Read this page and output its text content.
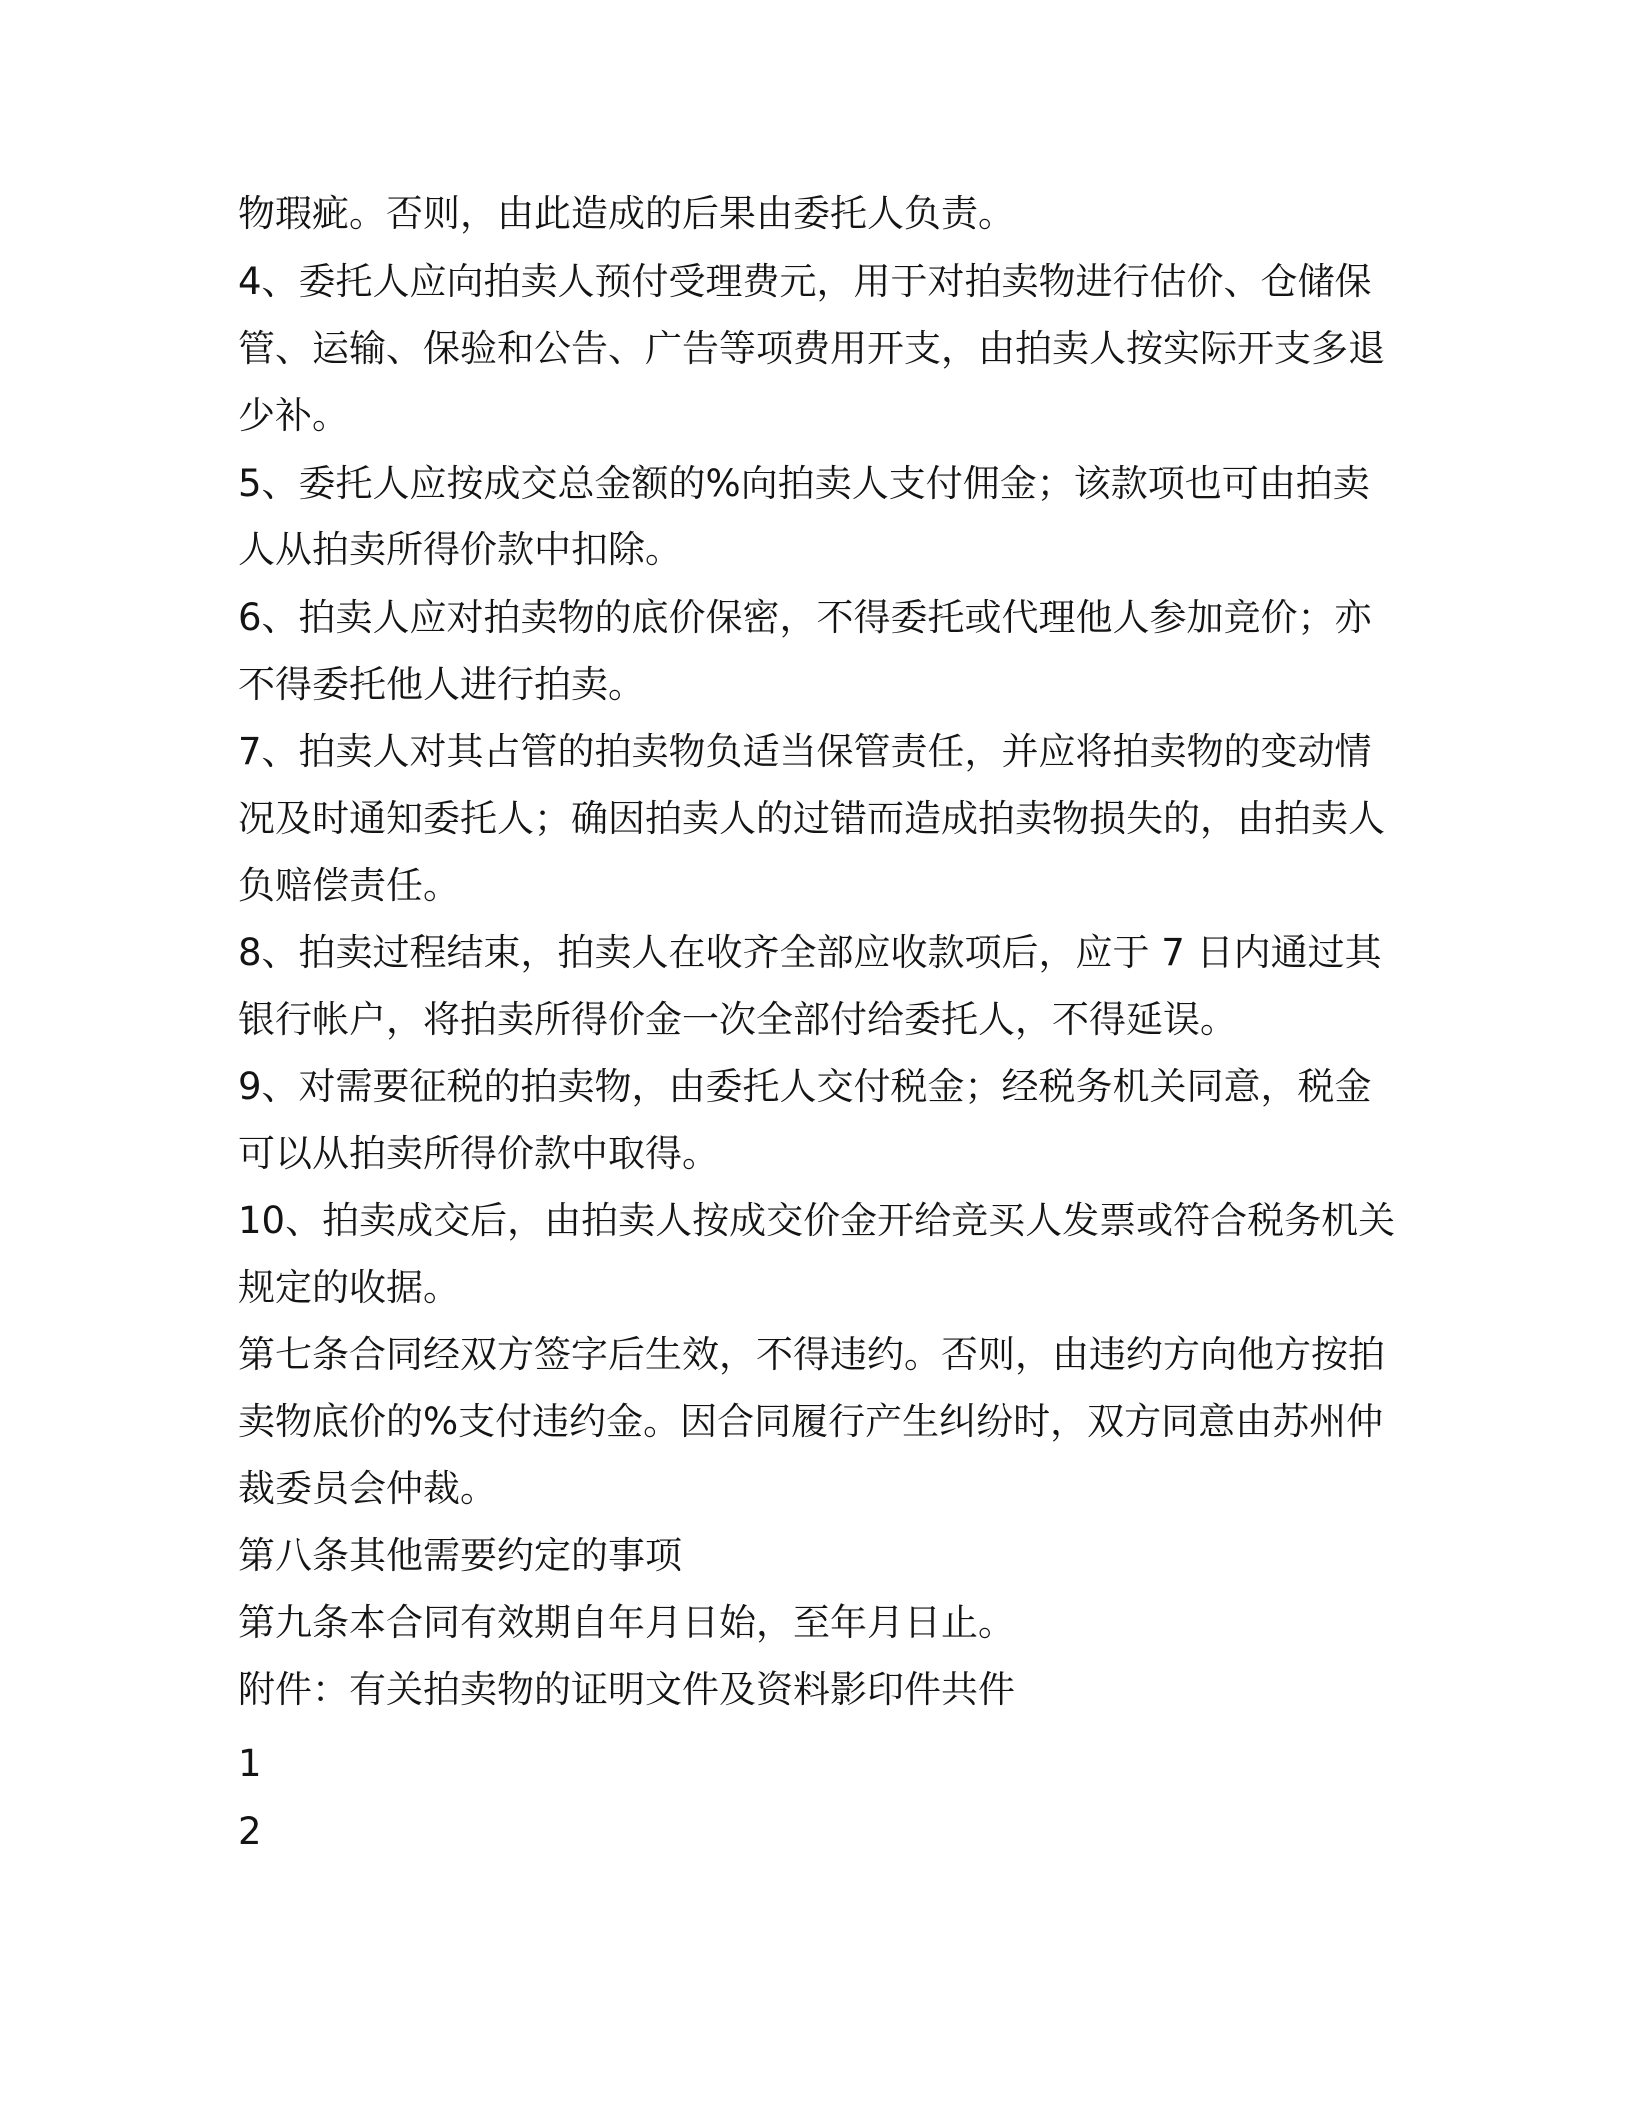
物瑕疵。否则，由此造成的后果由委托人负责。

4、委托人应向拍卖人预付受理费元，用于对拍卖物进行估价、仓储保

管、运输、保验和公告、广告等项费用开支，由拍卖人按实际开支多退

少补。

5、委托人应按成交总金额的%向拍卖人支付佣金；该款项也可由拍卖

人从拍卖所得价款中扣除。

6、拍卖人应对拍卖物的底价保密，不得委托或代理他人参加竞价；亦

不得委托他人进行拍卖。

7、拍卖人对其占管的拍卖物负适当保管责任，并应将拍卖物的变动情

况及时通知委托人；确因拍卖人的过错而造成拍卖物损失的，由拍卖人

负赔偿责任。

8、拍卖过程结束，拍卖人在收齐全部应收款项后，应于 7 日内通过其

银行帐户，将拍卖所得价金一次全部付给委托人，不得延误。

9、对需要征税的拍卖物，由委托人交付税金；经税务机关同意，税金

可以从拍卖所得价款中取得。

10、拍卖成交后，由拍卖人按成交价金开给竞买人发票或符合税务机关

规定的收据。

第七条合同经双方签字后生效，不得违约。否则，由违约方向他方按拍

卖物底价的%支付违约金。因合同履行产生纠纷时，双方同意由苏州仲

裁委员会仲裁。

第八条其他需要约定的事项

第九条本合同有效期自年月日始，至年月日止。

附件：有关拍卖物的证明文件及资料影印件共件

1

2
